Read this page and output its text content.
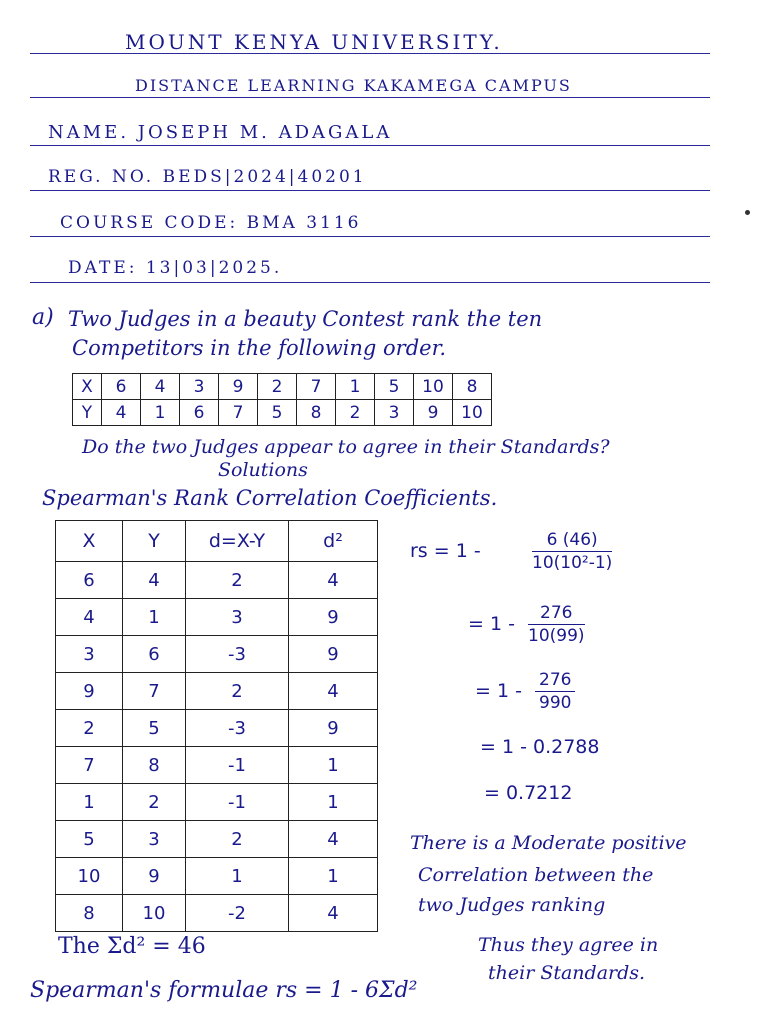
MOUNT KENYA UNIVERSITY.
DISTANCE LEARNING KAKAMEGA CAMPUS
NAME. JOSEPH M. ADAGALA
REG. NO. BEDS|2024|40201
COURSE CODE: BMA 3116
DATE: 13|03|2025.
a) Two Judges in a beauty Contest rank the ten
Competitors in the following order.
X	6	4	3	9	2	7	1	5	10	8
Y	4	1	6	7	5	8	2	3	9	10
Do the two Judges appear to agree in their Standards?
Solutions
Spearman's Rank Correlation Coefficients.
X	Y	d=X-Y	d²
6	4	2	4
4	1	3	9
3	6	-3	9
9	7	2	4
2	5	-3	9
7	8	-1	1
1	2	-1	1
5	3	2	4
10	9	1	1
8	10	-2	4
rs = 1 -	$\frac{6 (46)}{\text{10(10²-1)}}$
= $1 - \frac{276}{10(99)}$
= $1 - \frac{276}{990}$
= 1 - 0.2788
= 0.7212
There is a Moderate positive
Correlation between the
two Judges ranking
Thus they agree in
their Standards.
The Σd² = 46
Spearman's formulae rs = 1 - 6Σd²
